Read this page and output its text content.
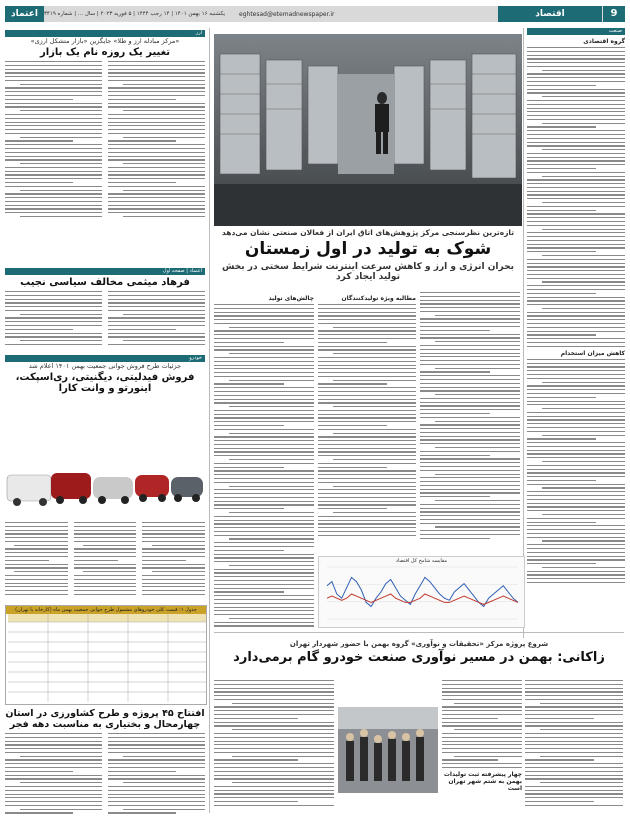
9
اقتصاد
eghtesad@etemadnewspaper.ir
یکشنبه ۱۶ بهمن ۱۴۰۱ | ۱۴ رجب ۱۴۴۴ | ۵ فوریه ۲۰۲۳ | سال ... | شماره ۳۴۱۹
اعتماد
صنعت
گروه اقتصادی
کاهش میزان استخدام
تازه‌ترین نظرسنجی مرکز پژوهش‌های اتاق ایران از فعالان صنعتی نشان می‌دهد
شوک به تولید در اول زمستان
بحران انرژی و ارز و کاهش سرعت اینترنت شرایط سختی در بخش تولید ایجاد کرد
مطالبه ویژه تولیدکنندگان
چالش‌های تولید
مقایسه شامخ کل اقتصاد
شروع پروژه مرکز «تحقیقات و نوآوری» گروه بهمن با حضور شهردار تهران
زاکانی: بهمن در مسیر نوآوری صنعت خودرو گام برمی‌دارد
چهار پیشرفته ثبت تولیدات بهمن به شتم شهر تهران است
ارز
«مرکز مبادله ارز و طلا» جایگزین «بازار متشکل ارزی»
تغییر یک روزه نام یک بازار
اعتماد | صفحه اول
فرهاد میثمی مخالف سیاسی نجیب
خودرو
جزئیات طرح فروش جوانی جمعیت بهمن ۱۴۰۱ اعلام شد
فروش فیدلیتی، دیگنیتی، ری‌اسپکت، اینورتو و وانت کارا
جدول ۱: قیمت کلی خودروهای مشمول طرح جوانی جمعیت بهمن ماه (کارخانه یا تهران)
افتتاح ۴۵ پروژه و طرح کشاورزی در استان چهارمحال و بختیاری به مناسبت دهه فجر
